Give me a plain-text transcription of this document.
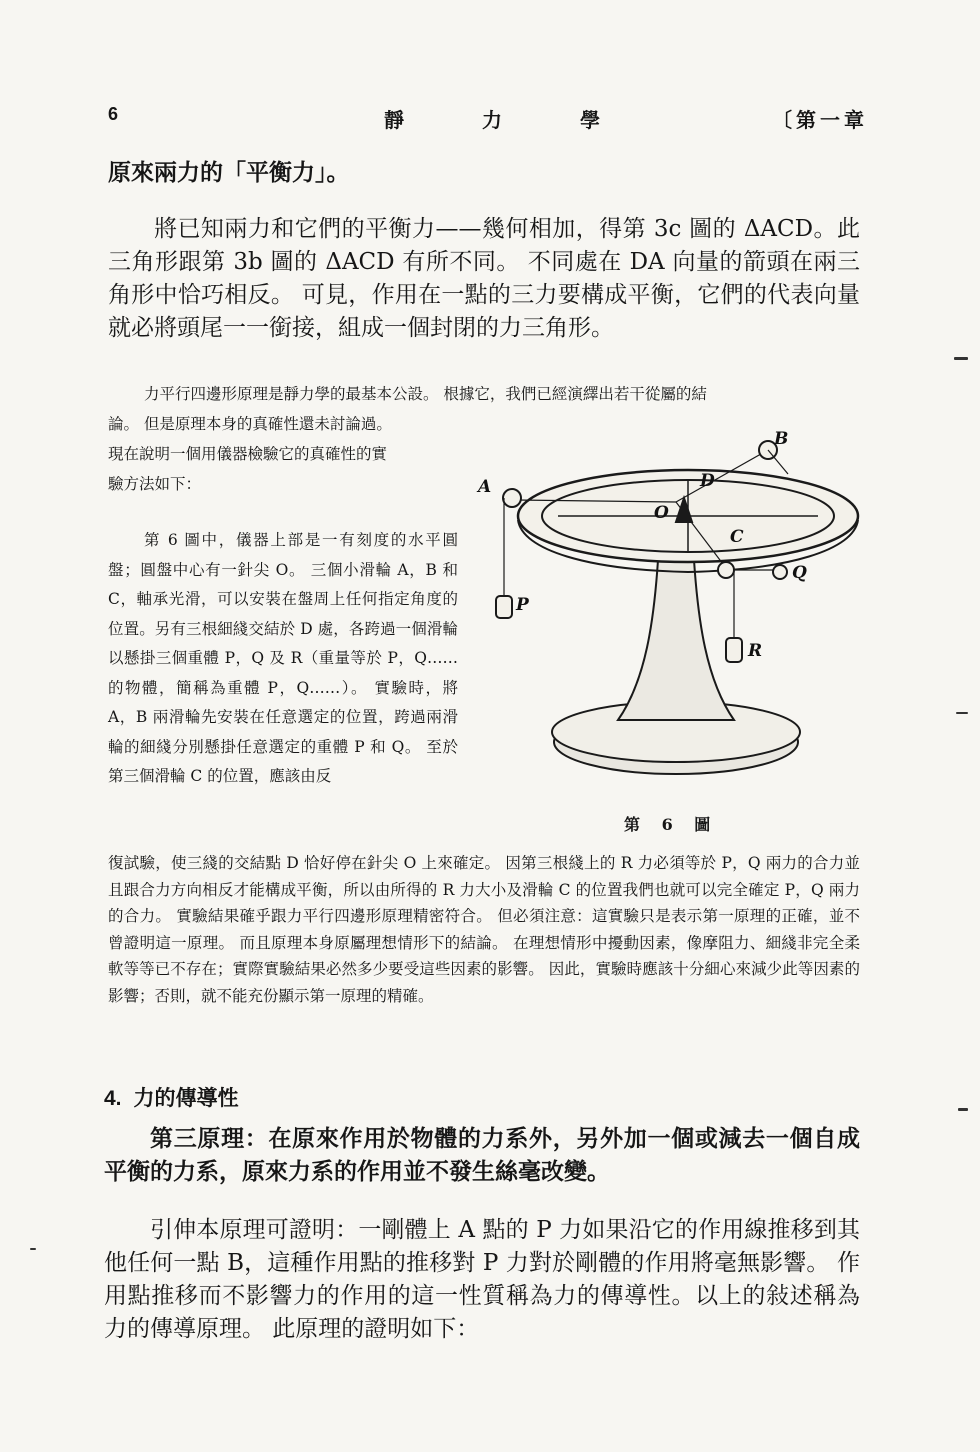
6	靜力學	〔第一章

原來兩力的「平衡力」。

將已知兩力和它們的平衡力——幾何相加，得第 3c 圖的 ΔACD。此三角形跟第 3b 圖的 ΔACD 有所不同。 不同處在 DA 向量的箭頭在兩三角形中恰巧相反。 可見，作用在一點的三力要構成平衡，它們的代表向量就必將頭尾一一銜接，組成一個封閉的力三角形。

力平行四邊形原理是靜力學的最基本公設。 根據它，我們已經演繹出若干從屬的結

論。 但是原理本身的真確性還未討論過。

現在說明一個用儀器檢驗它的真確性的實

驗方法如下：

第 6 圖中，儀器上部是一有刻度的水平圓盤；圓盤中心有一針尖 O。 三個小滑輪 A，B 和 C，軸承光滑，可以安裝在盤周上任何指定角度的位置。另有三根細綫交結於 D 處，各跨過一個滑輪以懸掛三個重體 P，Q 及 R（重量等於 P，Q……的物體，簡稱為重體 P，Q……）。 實驗時，將 A，B 兩滑輪先安裝在任意選定的位置，跨過兩滑輪的細綫分別懸掛任意選定的重體 P 和 Q。 至於第三個滑輪 C 的位置，應該由反

A
B
C
D
O
P
Q
R
第 6 圖

復試驗，使三綫的交結點 D 恰好停在針尖 O 上來確定。 因第三根綫上的 R 力必須等於 P，Q 兩力的合力並且跟合力方向相反才能構成平衡，所以由所得的 R 力大小及滑輪 C 的位置我們也就可以完全確定 P，Q 兩力的合力。 實驗結果確乎跟力平行四邊形原理精密符合。 但必須注意：這實驗只是表示第一原理的正確，並不曾證明這一原理。 而且原理本身原屬理想情形下的結論。 在理想情形中擾動因素，像摩阻力、細綫非完全柔軟等等已不存在；實際實驗結果必然多少要受這些因素的影響。 因此，實驗時應該十分細心來減少此等因素的影響；否則，就不能充份顯示第一原理的精確。

4. 力的傳導性

第三原理：在原來作用於物體的力系外，另外加一個或減去一個自成平衡的力系，原來力系的作用並不發生絲毫改變。

引伸本原理可證明：一剛體上 A 點的 P 力如果沿它的作用線推移到其他任何一點 B，這種作用點的推移對 P 力對於剛體的作用將毫無影響。 作用點推移而不影響力的作用的這一性質稱為力的傳導性。以上的敍述稱為力的傳導原理。 此原理的證明如下：
